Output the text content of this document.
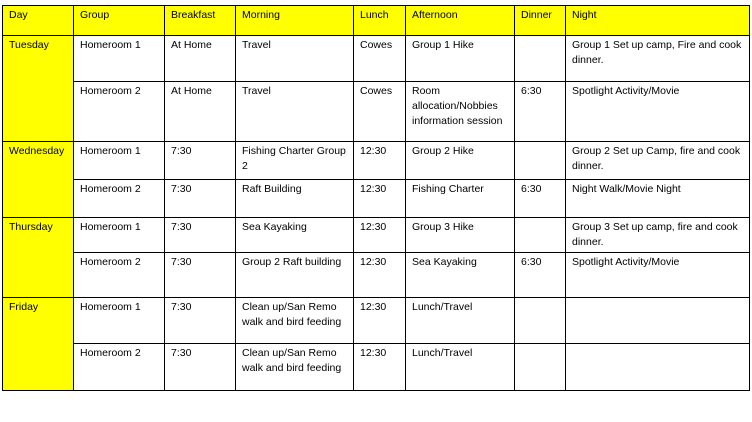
Day	Group	Breakfast	Morning	Lunch	Afternoon	Dinner	Night
Tuesday	Homeroom 1	At Home	Travel	Cowes	Group 1 Hike		Group 1 Set up camp, Fire and cook dinner.
	Homeroom 2	At Home	Travel	Cowes	Room allocation/Nobbies information session	6:30	Spotlight Activity/Movie
Wednesday	Homeroom 1	7:30	Fishing Charter Group 2	12:30	Group 2 Hike		Group 2 Set up Camp, fire and cook dinner.
	Homeroom 2	7:30	Raft Building	12:30	Fishing Charter	6:30	Night Walk/Movie Night
Thursday	Homeroom 1	7:30	Sea Kayaking	12:30	Group 3 Hike		Group 3 Set up camp, fire and cook dinner.
	Homeroom 2	7:30	Group 2 Raft building	12:30	Sea Kayaking	6:30	Spotlight Activity/Movie
Friday	Homeroom 1	7:30	Clean up/San Remo walk and bird feeding	12:30	Lunch/Travel		
	Homeroom 2	7:30	Clean up/San Remo walk and bird feeding	12:30	Lunch/Travel		
